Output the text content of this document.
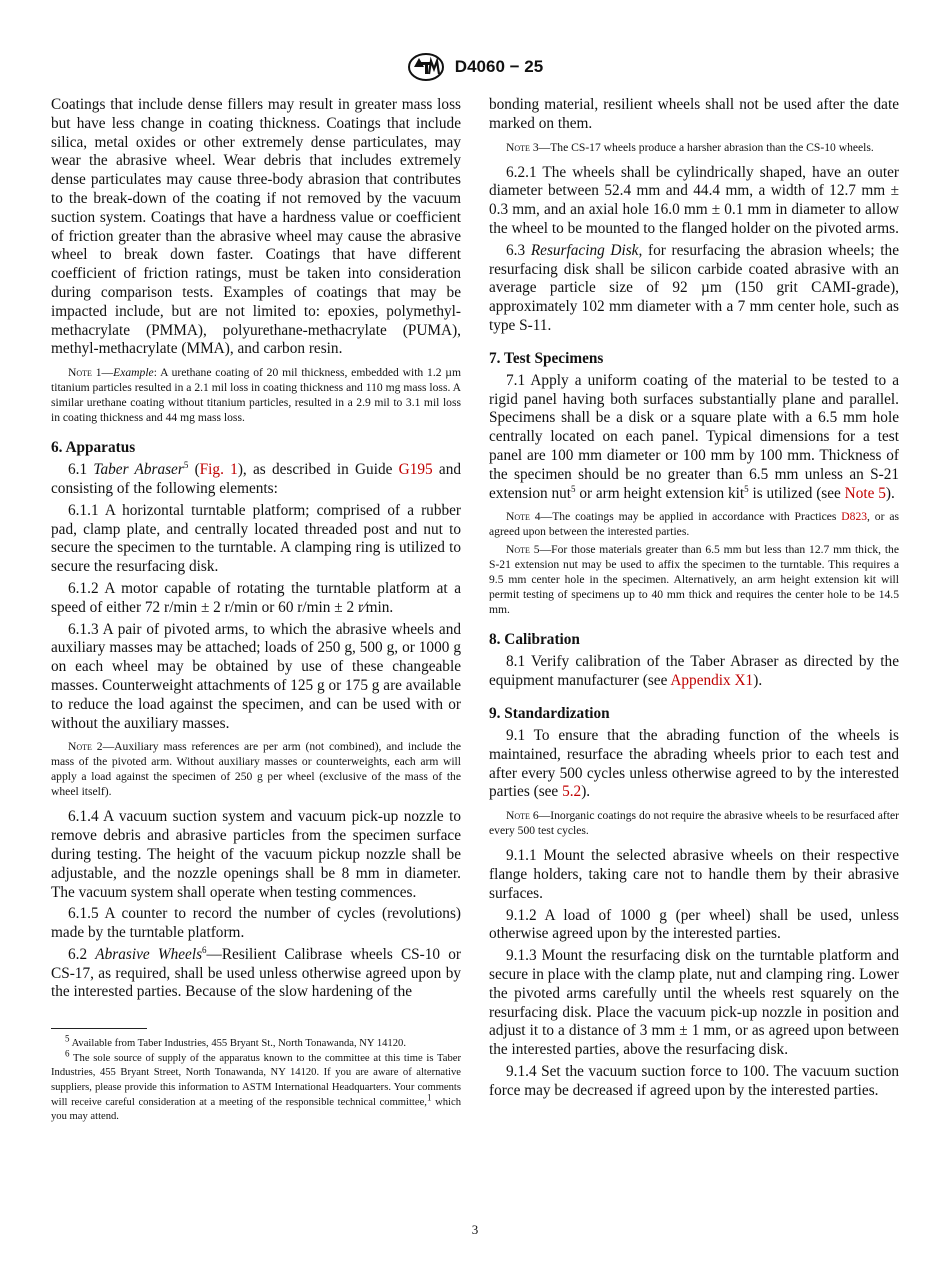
D4060 − 25

Coatings that include dense fillers may result in greater mass loss but have less change in coating thickness. Coatings that include silica, metal oxides or other extremely dense particulates, may wear the abrasive wheel. Wear debris that includes extremely dense particulates may cause three-body abrasion that contributes to the break-down of the coating if not removed by the vacuum suction system. Coatings that have a hardness value or coefficient of friction greater than the abrasive wheel may cause the abrasive wheel to break down faster. Coatings that have different coefficient of friction ratings, must be taken into consideration during comparison tests. Examples of coatings that may be impacted include, but are not limited to: epoxies, polymethyl-methacrylate (PMMA), polyurethane-methacrylate (PUMA), methyl-methacrylate (MMA), and carbon resin.

Note 1—Example: A urethane coating of 20 mil thickness, embedded with 1.2 µm titanium particles resulted in a 2.1 mil loss in coating thickness and 110 mg mass loss. A similar urethane coating without titanium particles, resulted in a 2.9 mil to 3.1 mil loss in coating thickness and 44 mg mass loss.

6. Apparatus

6.1 Taber Abraser$^5$ (Fig. 1), as described in Guide G195 and consisting of the following elements:

6.1.1 A horizontal turntable platform; comprised of a rubber pad, clamp plate, and centrally located threaded post and nut to secure the specimen to the turntable. A clamping ring is utilized to secure the resurfacing disk.

6.1.2 A motor capable of rotating the turntable platform at a speed of either 72 r/min ± 2 r/min or 60 r/min ± 2 r⁄min.

6.1.3 A pair of pivoted arms, to which the abrasive wheels and auxiliary masses may be attached; loads of 250 g, 500 g, or 1000 g on each wheel may be obtained by use of these changeable masses. Counterweight attachments of 125 g or 175 g are available to reduce the load against the specimen, and can be used with or without the auxiliary masses.

Note 2—Auxiliary mass references are per arm (not combined), and include the mass of the pivoted arm. Without auxiliary masses or counterweights, each arm will apply a load against the specimen of 250 g per wheel (exclusive of the mass of the wheel itself).

6.1.4 A vacuum suction system and vacuum pick-up nozzle to remove debris and abrasive particles from the specimen surface during testing. The height of the vacuum pickup nozzle shall be adjustable, and the nozzle openings shall be 8 mm in diameter. The vacuum system shall operate when testing commences.

6.1.5 A counter to record the number of cycles (revolutions) made by the turntable platform.

6.2 Abrasive Wheels$^6$—Resilient Calibrase wheels CS-10 or CS-17, as required, shall be used unless otherwise agreed upon by the interested parties. Because of the slow hardening of the

$^5$ Available from Taber Industries, 455 Bryant St., North Tonawanda, NY 14120.

$^6$ The sole source of supply of the apparatus known to the committee at this time is Taber Industries, 455 Bryant Street, North Tonawanda, NY 14120. If you are aware of alternative suppliers, please provide this information to ASTM International Headquarters. Your comments will receive careful consideration at a meeting of the responsible technical committee,$^1$ which you may attend.

bonding material, resilient wheels shall not be used after the date marked on them.

Note 3—The CS-17 wheels produce a harsher abrasion than the CS-10 wheels.

6.2.1 The wheels shall be cylindrically shaped, have an outer diameter between 52.4 mm and 44.4 mm, a width of 12.7 mm ± 0.3 mm, and an axial hole 16.0 mm ± 0.1 mm in diameter to allow the wheel to be mounted to the flanged holder on the pivoted arms.

6.3 Resurfacing Disk, for resurfacing the abrasion wheels; the resurfacing disk shall be silicon carbide coated abrasive with an average particle size of 92 µm (150 grit CAMI-grade), approximately 102 mm diameter with a 7 mm center hole, such as type S-11.

7. Test Specimens

7.1 Apply a uniform coating of the material to be tested to a rigid panel having both surfaces substantially plane and parallel. Specimens shall be a disk or a square plate with a 6.5 mm hole centrally located on each panel. Typical dimensions for a test panel are 100 mm diameter or 100 mm by 100 mm. Thickness of the specimen should be no greater than 6.5 mm unless an S-21 extension nut$^5$ or arm height extension kit$^5$ is utilized (see Note 5).

Note 4—The coatings may be applied in accordance with Practices D823, or as agreed upon between the interested parties.

Note 5—For those materials greater than 6.5 mm but less than 12.7 mm thick, the S-21 extension nut may be used to affix the specimen to the turntable. This requires a 9.5 mm center hole in the specimen. Alternatively, an arm height extension kit will permit testing of specimens up to 40 mm thick and requires the center hole to be 14.5 mm.

8. Calibration

8.1 Verify calibration of the Taber Abraser as directed by the equipment manufacturer (see Appendix X1).

9. Standardization

9.1 To ensure that the abrading function of the wheels is maintained, resurface the abrading wheels prior to each test and after every 500 cycles unless otherwise agreed to by the interested parties (see 5.2).

Note 6—Inorganic coatings do not require the abrasive wheels to be resurfaced after every 500 test cycles.

9.1.1 Mount the selected abrasive wheels on their respective flange holders, taking care not to handle them by their abrasive surfaces.

9.1.2 A load of 1000 g (per wheel) shall be used, unless otherwise agreed upon by the interested parties.

9.1.3 Mount the resurfacing disk on the turntable platform and secure in place with the clamp plate, nut and clamping ring. Lower the pivoted arms carefully until the wheels rest squarely on the resurfacing disk. Place the vacuum pick-up nozzle in position and adjust it to a distance of 3 mm ± 1 mm, or as agreed upon between the interested parties, above the resurfacing disk.

9.1.4 Set the vacuum suction force to 100. The vacuum suction force may be decreased if agreed upon by the interested parties.

3
